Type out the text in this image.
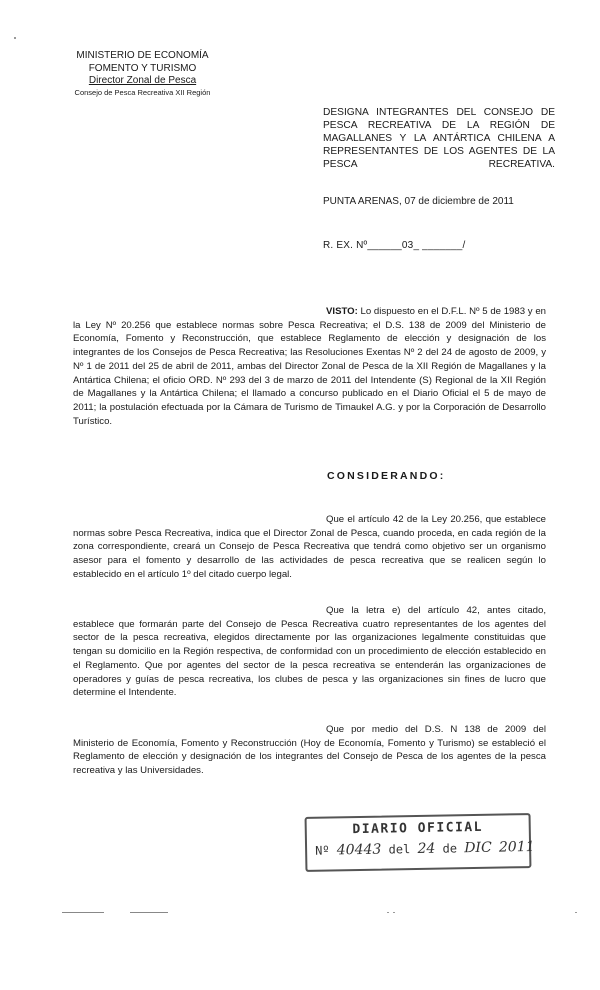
MINISTERIO DE ECONOMÍA
FOMENTO Y TURISMO
Director Zonal de Pesca
Consejo de Pesca Recreativa XII Región
DESIGNA INTEGRANTES DEL CONSEJO DE PESCA RECREATIVA DE LA REGIÓN DE MAGALLANES Y LA ANTÁRTICA CHILENA A REPRESENTANTES DE LOS AGENTES DE LA PESCA RECREATIVA.
PUNTA ARENAS, 07 de diciembre de 2011
R. EX. Nº______03_ _______/
VISTO: Lo dispuesto en el D.F.L. Nº 5 de 1983 y en la Ley Nº 20.256 que establece normas sobre Pesca Recreativa; el D.S. 138 de 2009 del Ministerio de Economía, Fomento y Reconstrucción, que establece Reglamento de elección y designación de los integrantes de los Consejos de Pesca Recreativa; las Resoluciones Exentas Nº 2 del 24 de agosto de 2009, y Nº 1 de 2011 del 25 de abril de 2011, ambas del Director Zonal de Pesca de la XII Región de Magallanes y la Antártica Chilena; el oficio ORD. Nº 293 del 3 de marzo de 2011 del Intendente (S) Regional de la XII Región de Magallanes y la Antártica Chilena; el llamado a concurso publicado en el Diario Oficial el 5 de mayo de 2011; la postulación efectuada por la Cámara de Turismo de Timaukel A.G. y por la Corporación de Desarrollo Turístico.
CONSIDERANDO:
Que el artículo 42 de la Ley 20.256, que establece normas sobre Pesca Recreativa, indica que el Director Zonal de Pesca, cuando proceda, en cada región de la zona correspondiente, creará un Consejo de Pesca Recreativa que tendrá como objetivo ser un organismo asesor para el fomento y desarrollo de las actividades de pesca recreativa que se realicen según lo establecido en el artículo 1º del citado cuerpo legal.
Que la letra e) del artículo 42, antes citado, establece que formarán parte del Consejo de Pesca Recreativa cuatro representantes de los agentes del sector de la pesca recreativa, elegidos directamente por las organizaciones legalmente constituidas que tengan su domicilio en la Región respectiva, de conformidad con un procedimiento de elección establecido en el Reglamento. Que por agentes del sector de la pesca recreativa se entenderán las organizaciones de operadores y guías de pesca recreativa, los clubes de pesca y las organizaciones sin fines de lucro que determine el Intendente.
Que por medio del D.S. N 138 de 2009 del Ministerio de Economía, Fomento y Reconstrucción (Hoy de Economía, Fomento y Turismo) se estableció el Reglamento de elección y designación de los integrantes del Consejo de Pesca de los agentes de la pesca recreativa y las Universidades.
DIARIO OFICIAL
Nº 40443 del 24 de DIC 2011
